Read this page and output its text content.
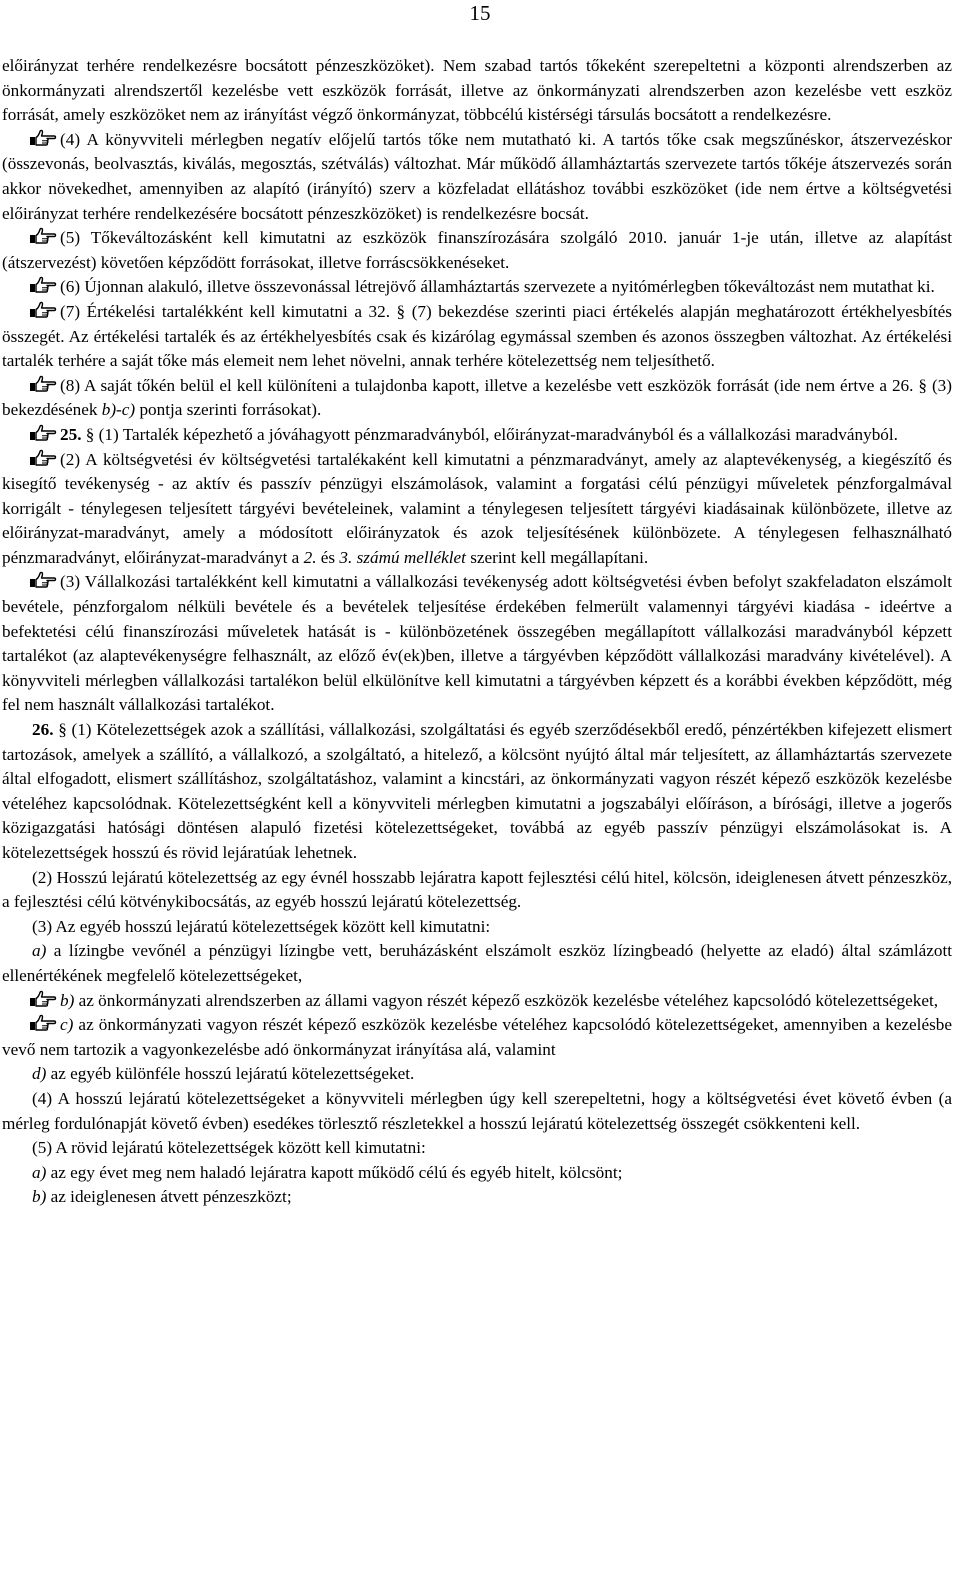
15

előirányzat terhére rendelkezésre bocsátott pénzeszközöket). Nem szabad tartós tőkeként szerepeltetni a központi alrendszerben az önkormányzati alrendszertől kezelésbe vett eszközök forrását, illetve az önkormányzati alrendszerben azon kezelésbe vett eszköz forrását, amely eszközöket nem az irányítást végző önkormányzat, többcélú kistérségi társulás bocsátott a rendelkezésre.

(4) A könyvviteli mérlegben negatív előjelű tartós tőke nem mutatható ki. A tartós tőke csak megszűnéskor, átszervezéskor (összevonás, beolvasztás, kiválás, megosztás, szétválás) változhat. Már működő államháztartás szervezete tartós tőkéje átszervezés során akkor növekedhet, amennyiben az alapító (irányító) szerv a közfeladat ellátáshoz további eszközöket (ide nem értve a költségvetési előirányzat terhére rendelkezésére bocsátott pénzeszközöket) is rendelkezésre bocsát.

(5) Tőkeváltozásként kell kimutatni az eszközök finanszírozására szolgáló 2010. január 1-je után, illetve az alapítást (átszervezést) követően képződött forrásokat, illetve forráscsökkenéseket.

(6) Újonnan alakuló, illetve összevonással létrejövő államháztartás szervezete a nyitómérlegben tőkeváltozást nem mutathat ki.

(7) Értékelési tartalékként kell kimutatni a 32. § (7) bekezdése szerinti piaci értékelés alapján meghatározott értékhelyesbítés összegét. Az értékelési tartalék és az értékhelyesbítés csak és kizárólag egymással szemben és azonos összegben változhat. Az értékelési tartalék terhére a saját tőke más elemeit nem lehet növelni, annak terhére kötelezettség nem teljesíthető.

(8) A saját tőkén belül el kell különíteni a tulajdonba kapott, illetve a kezelésbe vett eszközök forrását (ide nem értve a 26. § (3) bekezdésének b)-c) pontja szerinti forrásokat).

25. § (1) Tartalék képezhető a jóváhagyott pénzmaradványból, előirányzat-maradványból és a vállalkozási maradványból.

(2) A költségvetési év költségvetési tartalékaként kell kimutatni a pénzmaradványt, amely az alaptevékenység, a kiegészítő és kisegítő tevékenység - az aktív és passzív pénzügyi elszámolások, valamint a forgatási célú pénzügyi műveletek pénzforgalmával korrigált - ténylegesen teljesített tárgyévi bevételeinek, valamint a ténylegesen teljesített tárgyévi kiadásainak különbözete, illetve az előirányzat-maradványt, amely a módosított előirányzatok és azok teljesítésének különbözete. A ténylegesen felhasználható pénzmaradványt, előirányzat-maradványt a 2. és 3. számú melléklet szerint kell megállapítani.

(3) Vállalkozási tartalékként kell kimutatni a vállalkozási tevékenység adott költségvetési évben befolyt szakfeladaton elszámolt bevétele, pénzforgalom nélküli bevétele és a bevételek teljesítése érdekében felmerült valamennyi tárgyévi kiadása - ideértve a befektetési célú finanszírozási műveletek hatását is - különbözetének összegében megállapított vállalkozási maradványból képzett tartalékot (az alaptevékenységre felhasznált, az előző év(ek)ben, illetve a tárgyévben képződött vállalkozási maradvány kivételével). A könyvviteli mérlegben vállalkozási tartalékon belül elkülönítve kell kimutatni a tárgyévben képzett és a korábbi években képződött, még fel nem használt vállalkozási tartalékot.

26. § (1) Kötelezettségek azok a szállítási, vállalkozási, szolgáltatási és egyéb szerződésekből eredő, pénzértékben kifejezett elismert tartozások, amelyek a szállító, a vállalkozó, a szolgáltató, a hitelező, a kölcsönt nyújtó által már teljesített, az államháztartás szervezete által elfogadott, elismert szállításhoz, szolgáltatáshoz, valamint a kincstári, az önkormányzati vagyon részét képező eszközök kezelésbe vételéhez kapcsolódnak. Kötelezettségként kell a könyvviteli mérlegben kimutatni a jogszabályi előíráson, a bírósági, illetve a jogerős közigazgatási hatósági döntésen alapuló fizetési kötelezettségeket, továbbá az egyéb passzív pénzügyi elszámolásokat is. A kötelezettségek hosszú és rövid lejáratúak lehetnek.

(2) Hosszú lejáratú kötelezettség az egy évnél hosszabb lejáratra kapott fejlesztési célú hitel, kölcsön, ideiglenesen átvett pénzeszköz, a fejlesztési célú kötvénykibocsátás, az egyéb hosszú lejáratú kötelezettség.

(3) Az egyéb hosszú lejáratú kötelezettségek között kell kimutatni:

a) a lízingbe vevőnél a pénzügyi lízingbe vett, beruházásként elszámolt eszköz lízingbeadó (helyette az eladó) által számlázott ellenértékének megfelelő kötelezettségeket,

b) az önkormányzati alrendszerben az állami vagyon részét képező eszközök kezelésbe vételéhez kapcsolódó kötelezettségeket,

c) az önkormányzati vagyon részét képező eszközök kezelésbe vételéhez kapcsolódó kötelezettségeket, amennyiben a kezelésbe vevő nem tartozik a vagyonkezelésbe adó önkormányzat irányítása alá, valamint

d) az egyéb különféle hosszú lejáratú kötelezettségeket.

(4) A hosszú lejáratú kötelezettségeket a könyvviteli mérlegben úgy kell szerepeltetni, hogy a költségvetési évet követő évben (a mérleg fordulónapját követő évben) esedékes törlesztő részletekkel a hosszú lejáratú kötelezettség összegét csökkenteni kell.

(5) A rövid lejáratú kötelezettségek között kell kimutatni:

a) az egy évet meg nem haladó lejáratra kapott működő célú és egyéb hitelt, kölcsönt;

b) az ideiglenesen átvett pénzeszközt;
